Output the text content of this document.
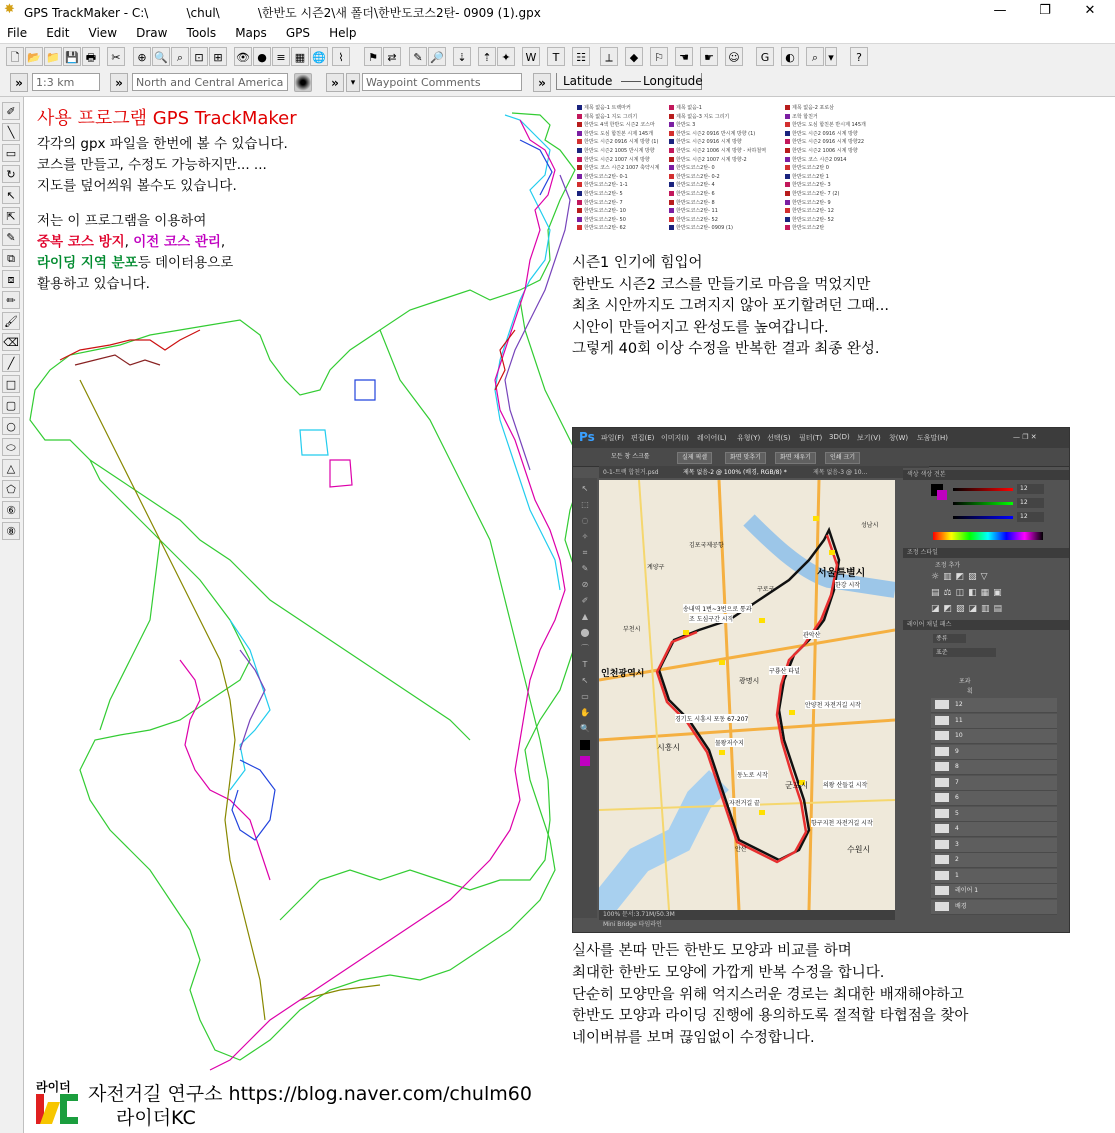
✸ GPS TrackMaker - C:\          \chul\          \한반도 시즌2\새 폴더\한반도코스2탄- 0909 (1).gpx	—	❐	✕
File Edit View Draw Tools Maps GPS Help
🗋 📂 📁 💾 🖶	✂	⊕ 🔍 ⌕	⊡ ⊞	👁 ● ≡ ▦ 🌐	⌇	⚑ ⇄	✎ 🔎	⇣	⇡ ✦	W	T	☷	⟂	◆	⚐	☚	☛	☺	G	◐	⌕ ▾	?
»	1:3 km	»	North and Central America	»	▾ Waypoint Comments	»	Latitude	Longitude
✐
╲
▭
↻
↖
⇱
✎
⧉
⧈
✏
🖌
⌫
╱
□
▢
○
⬭
△
⬠
⑥
⑧
사용 프로그램 GPS TrackMaker
각각의 gpx 파일을 한번에 볼 수 있습니다.
코스를 만들고, 수정도 가능하지만... ...
지도를 덮어씌워 볼수도 있습니다.
저는 이 프로그램을 이용하여
중복 코스 방지, 이전 코스 관리,
라이딩 지역 분포등 데이터용으로
활용하고 있습니다.
제목 없음-1 트랙마커
제목 없음-1 지도 그리기
한반도 4색 한반도 시즌2 코스마
한반도 도심 합친본 시제 145개
한반도 시즌2 0916 시제 방향 (1)
한반도 시즌2 1005 반시계 방향
한반도 시즌2 1007 시계 방향
한반도 코스 시즌2 1007 축약시계
한반도코스2탄- 0-1
한반도코스2탄- 1-1
한반도코스2탄- 5
한반도코스2탄- 7
한반도코스2탄- 10
한반도코스2탄- 50
한반도코스2탄- 62
제목 없음-1
제목 없음-3 지도 그리기
한반도 3
한반도 시즌2 0916 반시계 방향 (1)
한반도 시즌2 0916 시계 방향
한반도 시즌2 1006 시계 방향 - 차하철역
한반도 시즌2 1007 시계 방향-2
한반도코스2탄- 0
한반도코스2탄- 0-2
한반도코스2탄- 4
한반도코스2탄- 6
한반도코스2탄- 8
한반도코스2탄- 11
한반도코스2탄- 52
한반도코스2탄- 0909 (1)
제목 없음-2 포로삼
조학 합친거
한반도 도심 합친본 반시계 145개
한반도 시즌2 0916 시계 방향
한반도 시즌2 0916 시계 방향22
한반도 시즌2 1006 시계 방향
한반도 코스 시즌2 0914
한반도코스2탄 0
한반도코스2탄 1
한반도코스2탄- 3
한반도코스2탄- 7 (2)
한반도코스2탄- 9
한반도코스2탄- 12
한반도코스2탄- 52
한반도코스2탄
시즌1 인기에 힘입어
한반도 시즌2 코스를 만들기로 마음을 먹었지만
최초 시안까지도 그려지지 않아 포기할려던 그때...
시안이 만들어지고 완성도를 높여갑니다.
그렇게 40회 이상 수정을 반복한 결과 최종 완성.
Ps 파일(F) 편집(E) 이미지(I) 레이어(L) 유형(Y) 선택(S) 필터(T) 3D(D) 보기(V) 창(W) 도움말(H)	— ❐ ✕
모든 창 스크롤	실제 픽셀	화면 맞추기	화면 채우기	인쇄 크기
0-1-트랙 합친거.psd	제목 없음-2 @ 100% (배경, RGB/8) *	제목 없음-3 @ 10...
↖
⬚
◌
✧
⌗
✎
⊘
✐
▲
⬤
⌒
T
↖
▭
✋
🔍
서울특별시
인천광역시
시흥시
군포시
수원시
광명시
부천시
구룡산 타널
안양천 자전거길 시작
한강 시작
안산
성남시
구로구
관악산
의왕 산들길 시작
경기도 시흥시 포동 67-207
물왕저수지
동노로 시작
송내역 1번~3번으로 통과
조 도심구간 시작
자전거길 끝
항구지천 자전거길 시작
계양구
김포국제공항
100% 문서:3.71M/50.3M
Mini Bridge 타임라인
색상 색상 견본
12
12
12
조정 스타일
조정 추가
☼▥◩▧▽
▤⚖◫◧▦▣
◪◩▨◪▥▤
레이어 채널 패스
종류
표준
포과
획
12
11
10
9
8
7
6
5
4
3
2
1
레이어 1
배경
실사를 본따 만든 한반도 모양과 비교를 하며
최대한 한반도 모양에 가깝게 반복 수정을 합니다.
단순히 모양만을 위해 억지스러운 경로는 최대한 배재해야하고
한반도 모양과 라이딩 진행에 용의하도록 절적할 타협점을 찾아
네이버뷰를 보며 끊임없이 수정합니다.
라이더 자전거길 연구소 https://blog.naver.com/chulm60
라이더KC
